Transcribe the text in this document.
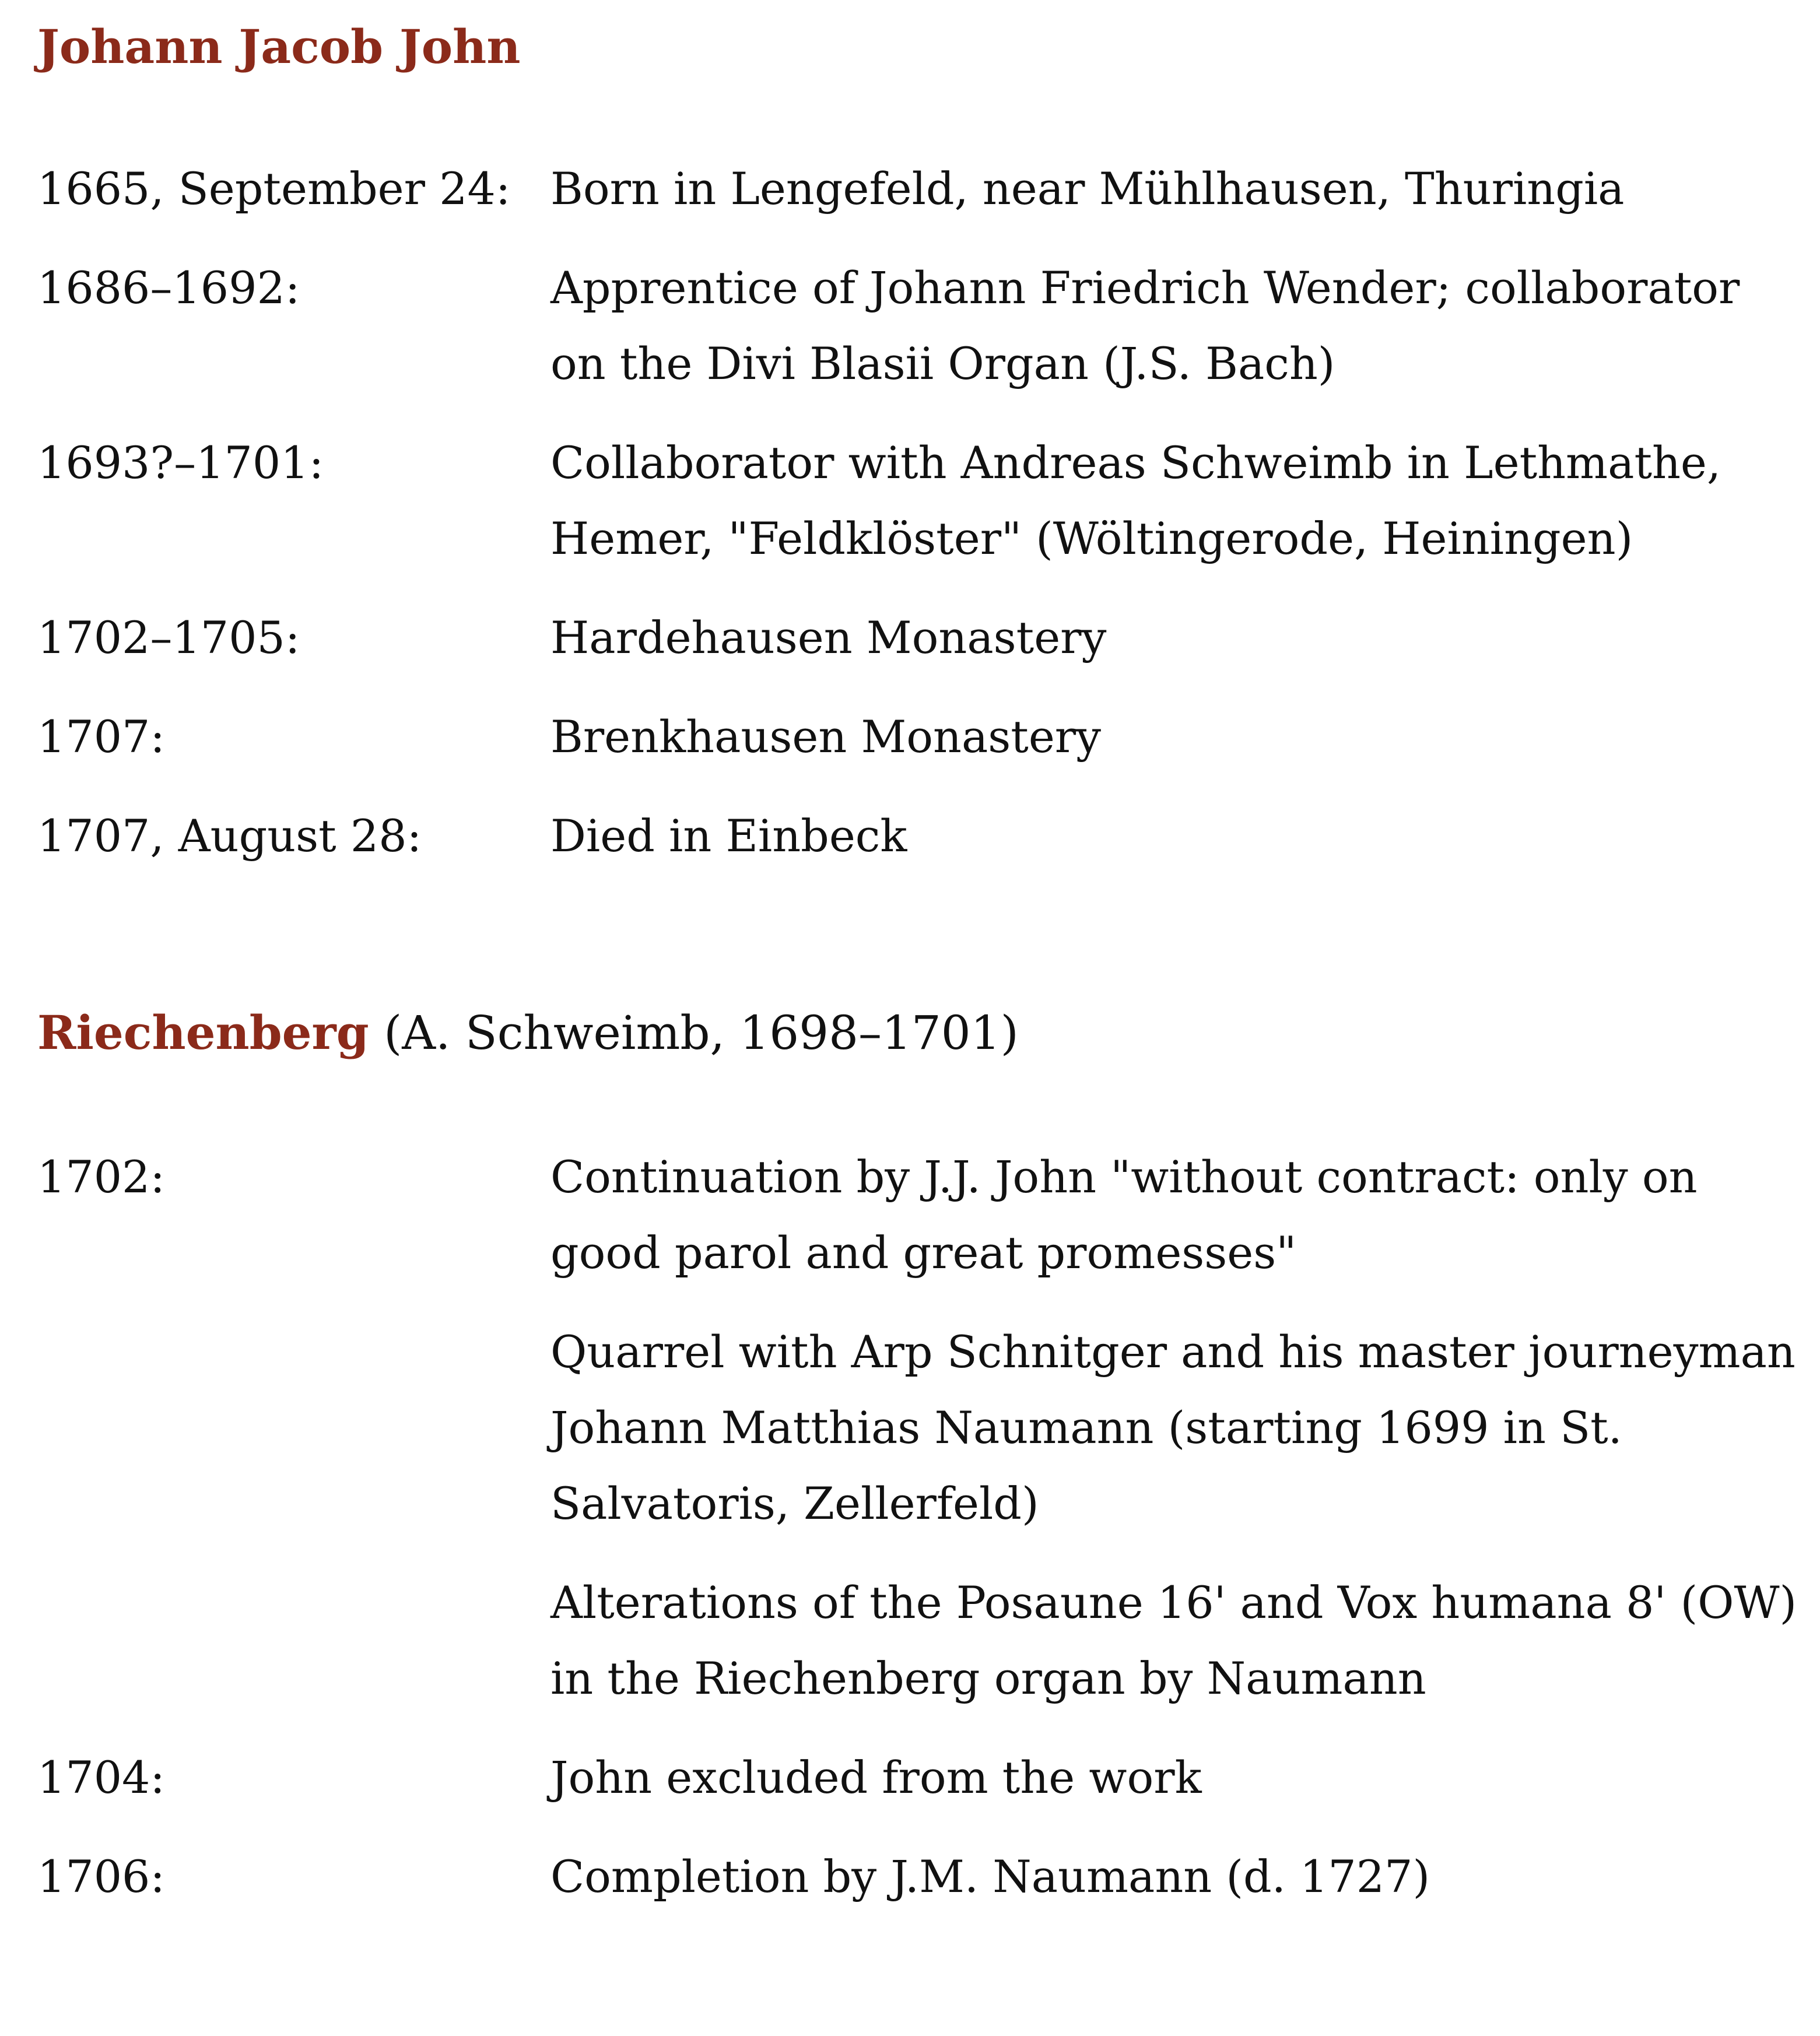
Johann Jacob John
1665, September 24: Born in Lengefeld, near Mühlhausen, Thuringia
1686–1692:	Apprentice of Johann Friedrich Wender; collaborator on the Divi Blasii Organ (J.S. Bach)
1693?–1701:	Collaborator with Andreas Schweimb in Lethmathe, Hemer, "Feldklöster" (Wöltingerode, Heiningen)
1702–1705:	Hardehausen Monastery
1707:	Brenkhausen Monastery
1707, August 28:	Died in Einbeck
Riechenberg (A. Schweimb, 1698–1701)
1702:	Continuation by J.J. John "without contract: only on good parol and great promesses"
Quarrel with Arp Schnitger and his master journeyman Johann Matthias Naumann (starting 1699 in St. Salvatoris, Zellerfeld)
Alterations of the Posaune 16' and Vox humana 8' (OW) in the Riechenberg organ by Naumann
1704:	John excluded from the work
1706:	Completion by J.M. Naumann (d. 1727)
